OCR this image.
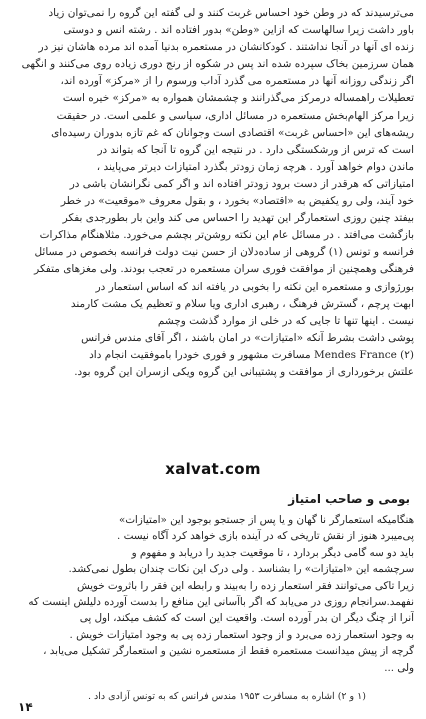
می‌ترسیدند که در وطن خود احساس غربت کنند و لی گفته این گروه را نمی‌توان زیاد
باور داشت زیرا سالهاست که ازاین «وطن» بدور افتاده اند . رشته انس و دوستی
زنده ای آنها در آنجا نداشتند . کودکانشان در مستعمره بدنیا آمده اند مرده هاشان نیز در
همان سرزمین بخاک سپرده شده اند پس در شکوه از رنج دوری زیاده روی می‌کنند و انگهی
اگر زندگی روزانه آنها در مستعمره می گذرد آداب ورسوم را از «مرکز» آورده اند،
تعطیلات راهمساله درمرکز می‌گذرانند و چشمشان همواره به «مرکز» خیره است
زیرا مرکز الهام‌بخش مستعمره در مسائل اداری، سیاسی و علمی است. در حقیقت
ریشه‌های این «احساس غربت» اقتصادی است وجوانان که غم تازه بدوران رسیده‌ای
است که ترس از ورشکستگی دارد . در نتیجه این گروه تا آنجا که بتواند در
ماندن دوام خواهد آورد . هرچه زمان زودتر بگذرد امتیازات دیرتر می‌پایند ،
امتیازاتی که هرقدر از دست برود زودتر افتاده اند و اگر کمی نگرانشان باشی در
خود آیند، ولی رو یکفیض به «اقتصاد» بخورد ، و بقول معروف «موقعیت» در خطر
بیفتد چنین روزی استعمارگر این تهدید را احساس می کند واین بار بطورجدی بفکر
بازگشت می‌افتد . در مسائل عام این نکته روشن‌تر بچشم می‌خورد. مثلاهنگام مذاکرات
فرانسه و تونس (۱) گروهی از ساده‌دلان از حسن نیت دولت فرانسه بخصوص در مسائل
فرهنگی وهمچنین از موافقت فوری سران مستعمره در تعجب بودند. ولی مغزهای متفکر
بورژوازی و مستعمره این نکته را بخوبی در یافته اند که اساس استعمار در
ابهت پرچم ، گسترش فرهنگ ، رهبری اداری ویا سلام و تعظیم یک مشت کارمند
نیست . اینها تنها تا جایی که در خلی از موارد گذشت وچشم
پوشی داشت بشرط آنکه «امتیازات» در امان باشند ، اگر آقای مندس فرانس
(۲) Mendes France مسافرت مشهور و فوری خودرا باموفقیت انجام داد
علتش برخورداری از موافقت و پشتیبانی این گروه ویکی ازسران این گروه بود.
xalvat.com
بومی و صاحب امتیاز
هنگامیکه استعمارگر نا گهان و یا پس از جستجو بوجود این «امتیازات»
پی‌میبرد هنوز از نقش تاریخی که در آینده بازی خواهد کرد آگاه نیست .
باید دو سه گامی دیگر بردارد ، تا موقعیت جدید را دریابد و مفهوم و
سرچشمه این «امتیازات» را بشناسد . ولی درک این نکات چندان بطول نمی‌کشد.
زیرا تاکی می‌توانند فقر استعمار زده را به‌بیند و رابطه این فقر را باثروت خویش
نفهمد.سرانجام روزی در می‌یابد که اگر باآسانی این منافع را بدست آورده دلیلش اینست که
آنرا از چنگ دیگر ان بدر آورده است. واقعیت این است که کشف میکند، اول پی
به وجود استعمار زده می‌برد و از وجود استعمار زده پی به وجود امتیازات خویش .
گرچه از پیش میدانست مستعمره فقط از مستعمره نشین و استعمارگر تشکیل می‌یابد ،
ولی ...
(۱ و ۲) اشاره به مسافرت ۱۹۵۳ مندس فرانس که به تونس آزادی داد .
۱۴
